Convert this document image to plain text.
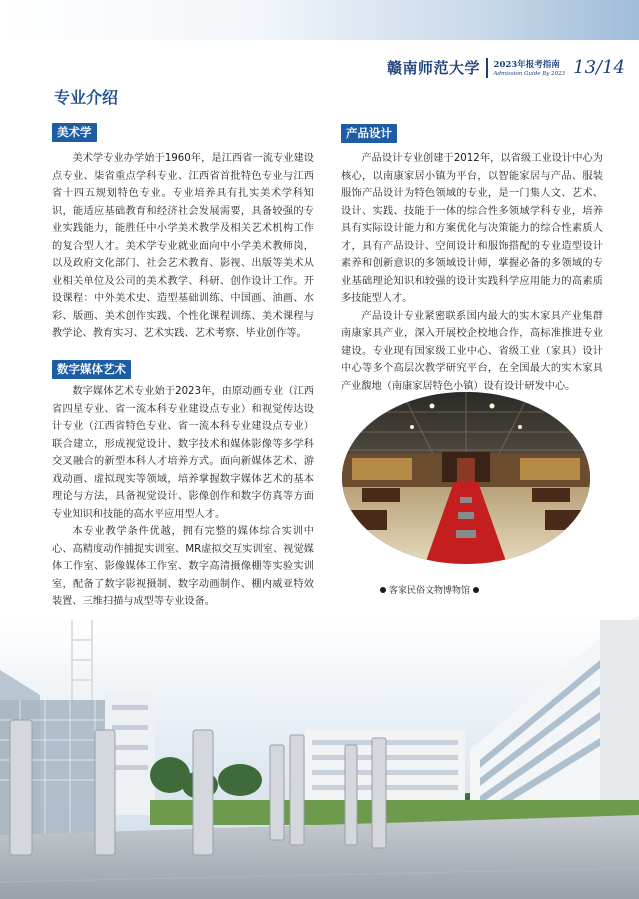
赣南师范大学 2023年报考指南
Admission Guide By 2023 13/14
专业介绍
美术学

美术学专业办学始于1960年，是江西省一流专业建设点专业、柒省重点学科专业、江西省首批特色专业与江西省十四五规划特色专业。专业培养具有扎实美术学科知识，能适应基础教育和经济社会发展需要，具备较强的专业实践能力，能胜任中小学美术教学及相关艺术机构工作的复合型人才。美术学专业就业面向中小学美术教师岗，以及政府文化部门、社会艺术教育、影视、出版等美术从业相关单位及公司的美术教学、科研、创作设计工作。开设课程：中外美术史、造型基础训练、中国画、油画、水彩、版画、美术创作实践、个性化课程训练、美术课程与教学论、教育实习、艺术实践、艺术考察、毕业创作等。

数字媒体艺术

数字媒体艺术专业始于2023年，由原动画专业（江西省四星专业、省一流本科专业建设点专业）和视觉传达设计专业（江西省特色专业、省一流本科专业建设点专业）联合建立，形成视觉设计、数字技术和媒体影像等多学科交叉融合的新型本科人才培养方式。面向新媒体艺术、游戏动画、虚拟现实等领域，培养掌握数字媒体艺术的基本理论与方法，具备视觉设计、影像创作和数字仿真等方面专业知识和技能的高水平应用型人才。

本专业教学条件优越，拥有完整的媒体综合实训中心、高精度动作捕捉实训室、MR虚拟交互实训室、视觉媒体工作室、影像媒体工作室、数字高清摄像棚等实验实训室，配备了数字影视摄制、数字动画制作、棚内威亚特效

产品设计

产品设计专业创建于2012年，以省级工业设计中心为核心，以南康家居小镇为平台，以智能家居与产品、服装服饰产品设计为特色领域的专业，是一门集人文、艺术、设计、实践、技能于一体的综合性多领域学科专业，培养具有实际设计能力和方案优化与决策能力的综合性素质人才，具有产品设计、空间设计和服饰搭配的专业造型设计素养和创新意识的多领域设计师，掌握必备的多领域的专业基础理论知识和较强的设计实践科学应用能力的高素质多技能型人才。

产品设计专业紧密联系国内最大的实木家具产业集群南康家具产业，深入开展校企校地合作，高标准推进专业建设。专业现有国家级工业中心、省级工业（家具）设计中心等多个高层次教学研究平台，在全国最大的实木家具产业馥地（南康家居特色小镇）设有设计研发中心。

客家民俗文物博物馆
